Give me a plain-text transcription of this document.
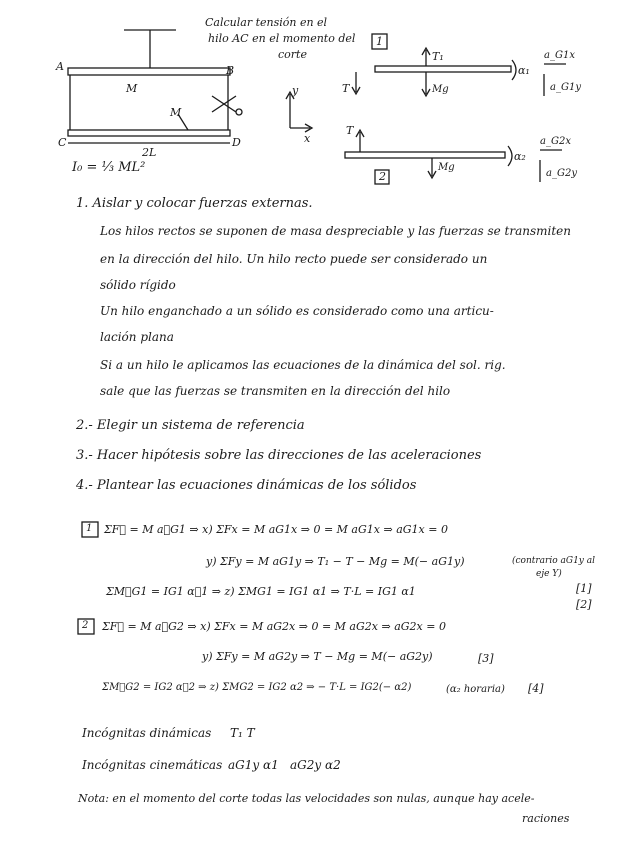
Calcular tensión en el
hilo AC en el momento del
corte
A	B
C	D
M
M
2L
I₀ = ⅓ ML²
y
x
1
T₁
T	Mg
α₁
a_G1x
a_G1y
T
Mg
2
α₂
a_G2x
a_G2y
1. Aislar y colocar fuerzas externas.
Los hilos rectos se suponen de masa despreciable y las fuerzas se transmiten
en la dirección del hilo. Un hilo recto puede ser considerado un
sólido rígido
Un hilo enganchado a un sólido es considerado como una articu-
lación plana
Si a un hilo le aplicamos las ecuaciones de la dinámica del sol. rig.
sale que las fuerzas se transmiten en la dirección del hilo
2.- Elegir un sistema de referencia
3.- Hacer hipótesis sobre las direcciones de las aceleraciones
4.- Plantear las ecuaciones dinámicas de los sólidos
1 ΣF⃗ = M a⃗G1 ⇒ x) ΣFx = M aG1x ⇒ 0 = M aG1x ⇒ aG1x = 0
y) ΣFy = M aG1y ⇒ T₁ − T − Mg = M(− aG1y)	(contrario aG1y al
eje Y)
[1]
ΣM⃗G1 = IG1 α⃗1 ⇒ z) ΣMG1 = IG1 α1 ⇒ T·L = IG1 α1
[2]
2 ΣF⃗ = M a⃗G2 ⇒ x) ΣFx = M aG2x ⇒ 0 = M aG2x ⇒ aG2x = 0
y) ΣFy = M aG2y ⇒ T − Mg = M(− aG2y)	[3]
ΣM⃗G2 = IG2 α⃗2 ⇒ z) ΣMG2 = IG2 α2 ⇒ − T·L = IG2(− α2)	(α₂ horaria) [4]
Incógnitas dinámicas T₁ T
Incógnitas cinemáticas aG1y α1 aG2y α2
Nota: en el momento del corte todas las velocidades son nulas, aunque hay acele-
raciones
